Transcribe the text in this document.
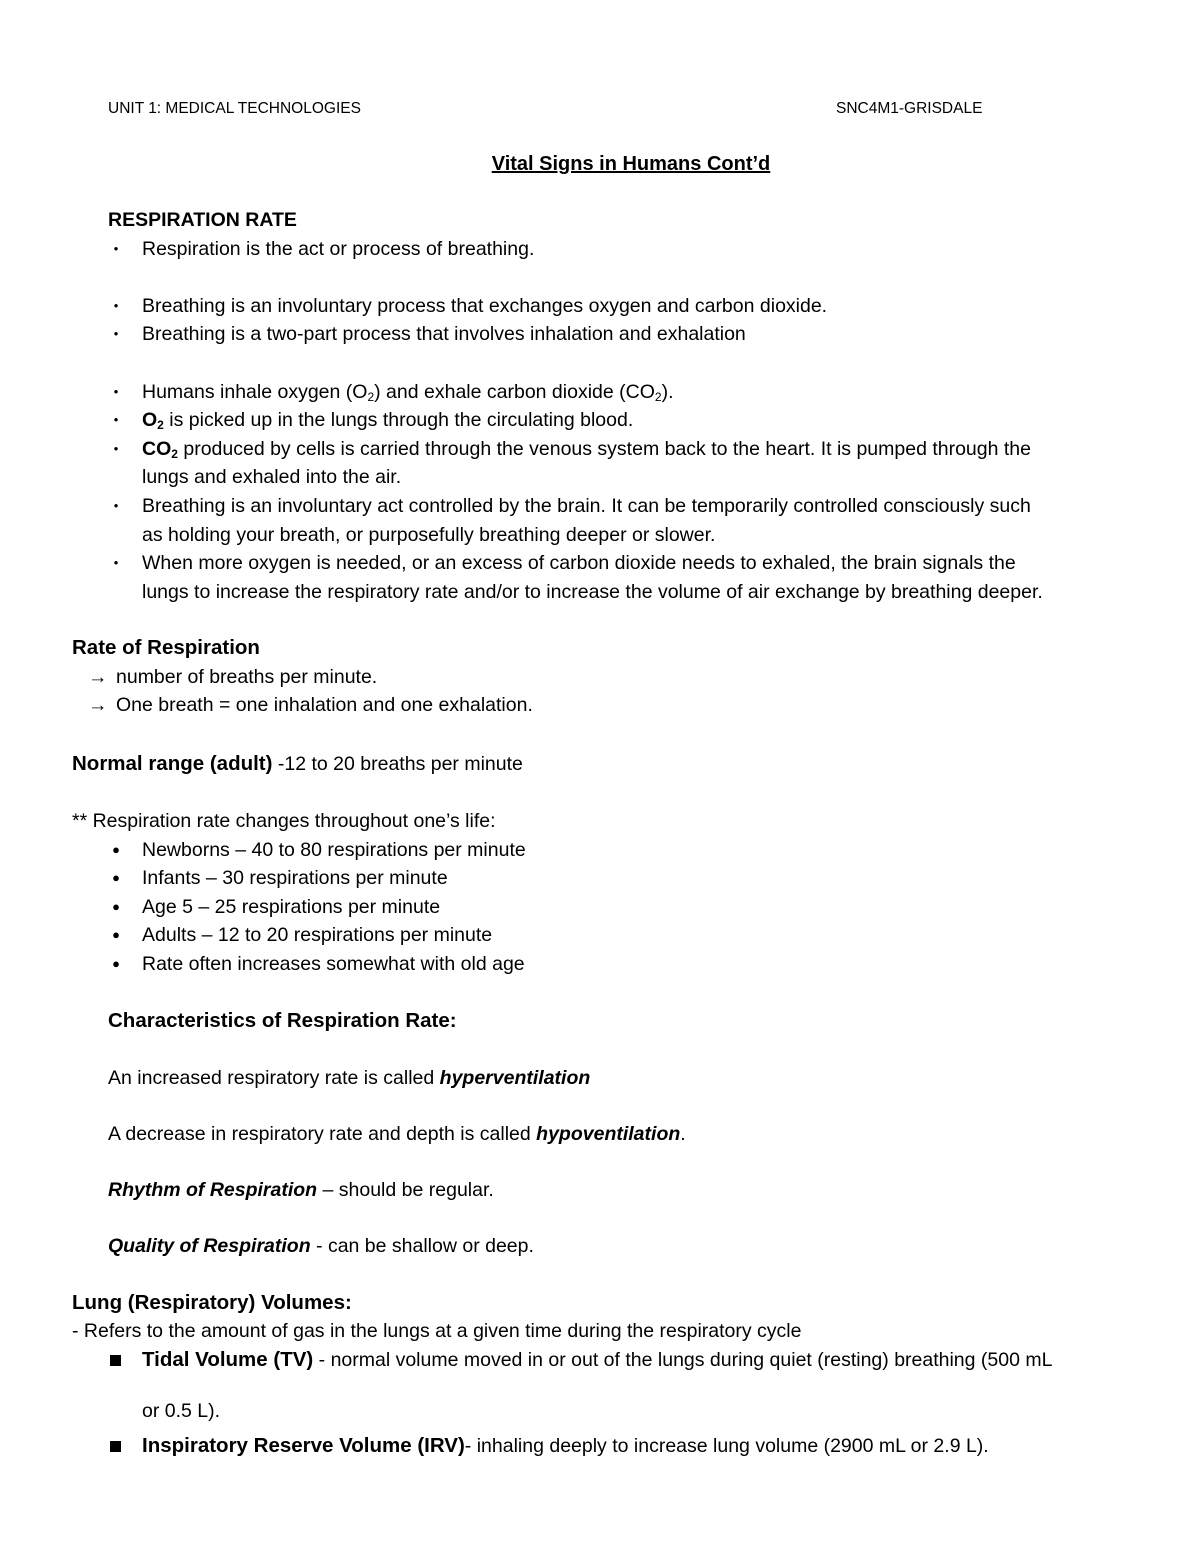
UNIT 1: MEDICAL TECHNOLOGIES	SNC4M1-GRISDALE
Vital Signs in Humans Cont’d
RESPIRATION RATE
•	Respiration is the act or process of breathing.
•	Breathing is an involuntary process that exchanges oxygen and carbon dioxide.
•	Breathing is a two-part process that involves inhalation and exhalation
•	Humans inhale oxygen $(O_2)$ and exhale carbon dioxide $(CO_2)$.
•	$O_2$ is picked up in the lungs through the circulating blood.
•	$CO_2$ produced by cells is carried through the venous system back to the heart. It is pumped through the
lungs and exhaled into the air.
•	Breathing is an involuntary act controlled by the brain. It can be temporarily controlled consciously such
as holding your breath, or purposefully breathing deeper or slower.
•	When more oxygen is needed, or an excess of carbon dioxide needs to exhaled, the brain signals the
lungs to increase the respiratory rate and/or to increase the volume of air exchange by breathing deeper.
Rate of Respiration
→ number of breaths per minute.
→ One breath = one inhalation and one exhalation.
Normal range (adult) -12 to 20 breaths per minute
** Respiration rate changes throughout one’s life:
●	Newborns – 40 to 80 respirations per minute
●	Infants – 30 respirations per minute
●	Age 5 – 25 respirations per minute
●	Adults – 12 to 20 respirations per minute
●	Rate often increases somewhat with old age
Characteristics of Respiration Rate:
An increased respiratory rate is called hyperventilation
A decrease in respiratory rate and depth is called hypoventilation.
Rhythm of Respiration – should be regular.
Quality of Respiration - can be shallow or deep.
Lung (Respiratory) Volumes:
- Refers to the amount of gas in the lungs at a given time during the respiratory cycle
Tidal Volume (TV) - normal volume moved in or out of the lungs during quiet (resting) breathing (500 mL
or 0.5 L).
Inspiratory Reserve Volume (IRV)- inhaling deeply to increase lung volume (2900 mL or 2.9 L).
